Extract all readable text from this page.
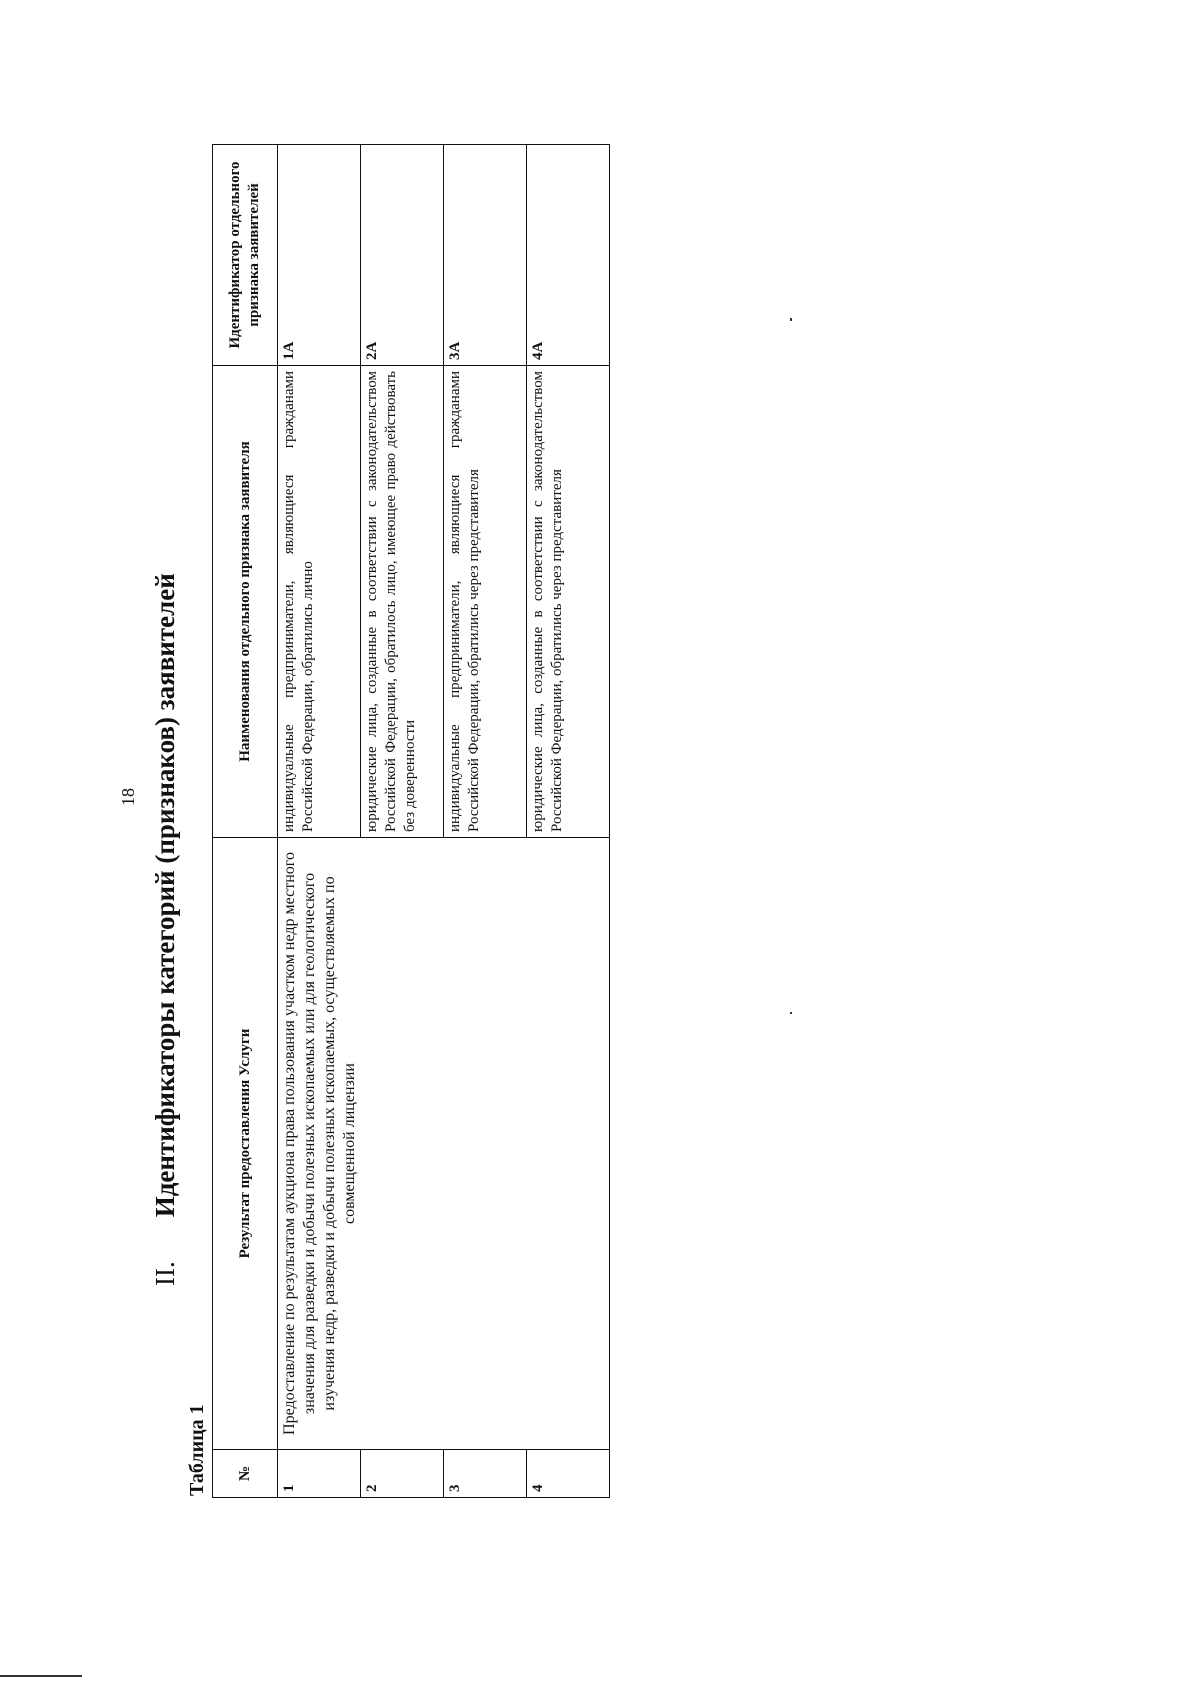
18
II.Идентификаторы категорий (признаков) заявителей
Таблица 1 №	Результат предоставления Услуги	Наименования отдельного признака заявителя	Идентификатор отдельного признака заявителей
1	Предоставление по результатам аукциона права пользования участком недр местного значения для разведки и добычи полезных ископаемых или для геологического изучения недр, разведки и добычи полезных ископаемых, осуществляемых по совмещенной лицензии	индивидуальные предприниматели, являющиеся гражданами Российской Федерации, обратились лично	1А
2		юридические лица, созданные в соответствии с законодательством Российской Федерации, обратилось лицо, имеющее право действовать без доверенности	2А
3		индивидуальные предприниматели, являющиеся гражданами Российской Федерации, обратились через представителя	3А
4		юридические лица, созданные в соответствии с законодательством Российской Федерации, обратились через представителя	4А
